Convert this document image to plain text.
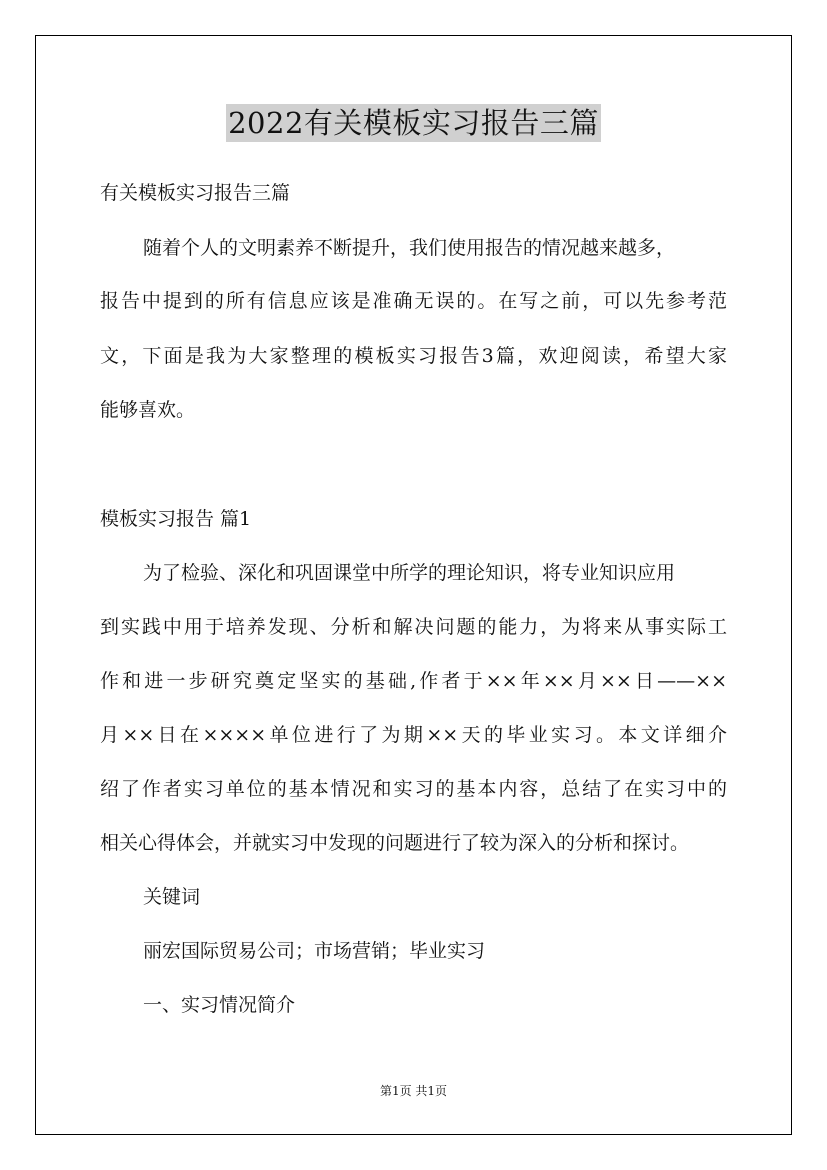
2022有关模板实习报告三篇
有关模板实习报告三篇
随着个人的文明素养不断提升，我们使用报告的情况越来越多，
报告中提到的所有信息应该是准确无误的。在写之前，可以先参考范
文，下面是我为大家整理的模板实习报告3篇，欢迎阅读，希望大家
能够喜欢。
模板实习报告 篇1
为了检验、深化和巩固课堂中所学的理论知识，将专业知识应用
到实践中用于培养发现、分析和解决问题的能力，为将来从事实际工
作和进一步研究奠定坚实的基础,作者于××年××月××日——××
月××日在××××单位进行了为期××天的毕业实习。本文详细介
绍了作者实习单位的基本情况和实习的基本内容，总结了在实习中的
相关心得体会，并就实习中发现的问题进行了较为深入的分析和探讨。
关键词
丽宏国际贸易公司；市场营销；毕业实习
一、实习情况简介
第1页 共1页
